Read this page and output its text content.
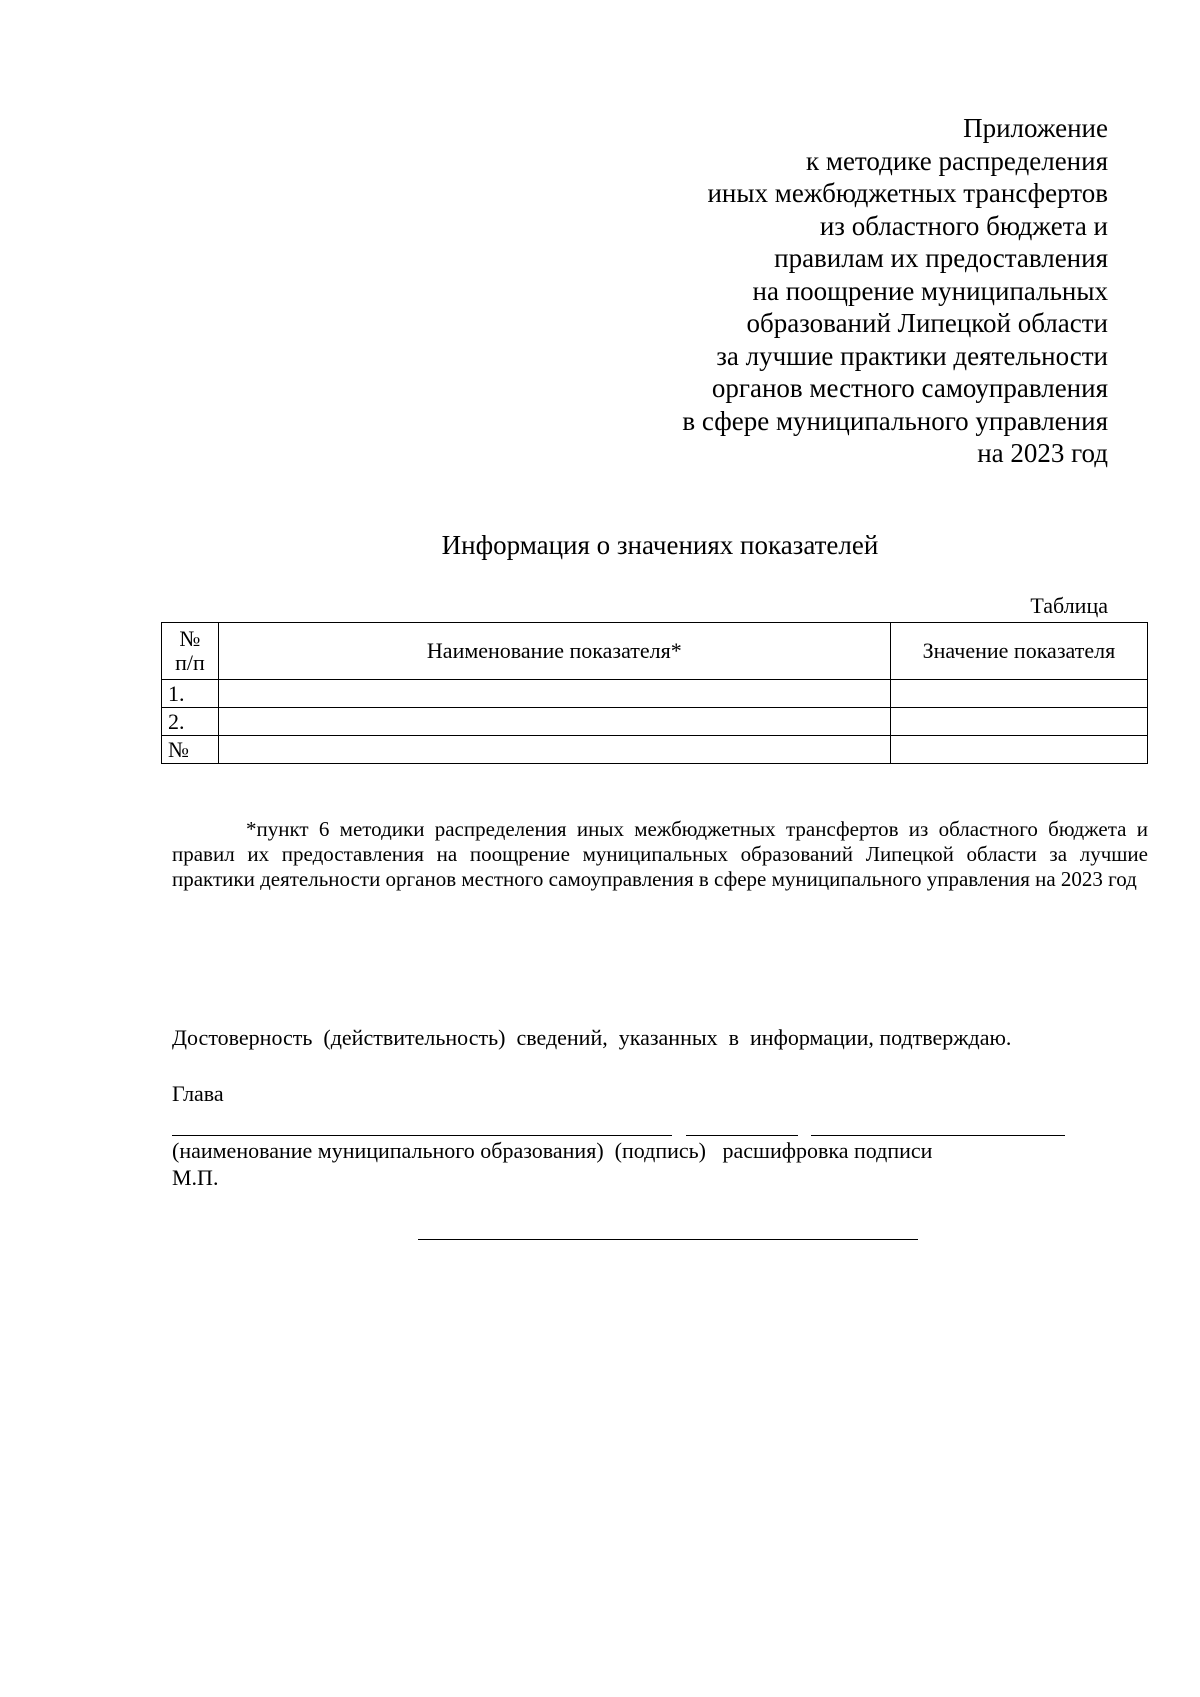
Приложение
к методике распределения
иных межбюджетных трансфертов
из областного бюджета и
правилам их предоставления
на поощрение муниципальных
образований Липецкой области
за лучшие практики деятельности
органов местного самоуправления
в сфере муниципального управления
на 2023 год
Информация о значениях показателей
Таблица
№ п/п	Наименование показателя*	Значение показателя
1.		
2.		
№		
*пункт 6 методики распределения иных межбюджетных трансфертов из областного бюджета и правил их предоставления на поощрение муниципальных образований Липецкой области за лучшие практики деятельности органов местного самоуправления в сфере муниципального управления на 2023 год
Достоверность  (действительность)  сведений,  указанных  в  информации, подтверждаю.
Глава
(наименование муниципального образования)  (подпись)   расшифровка подписи
М.П.
